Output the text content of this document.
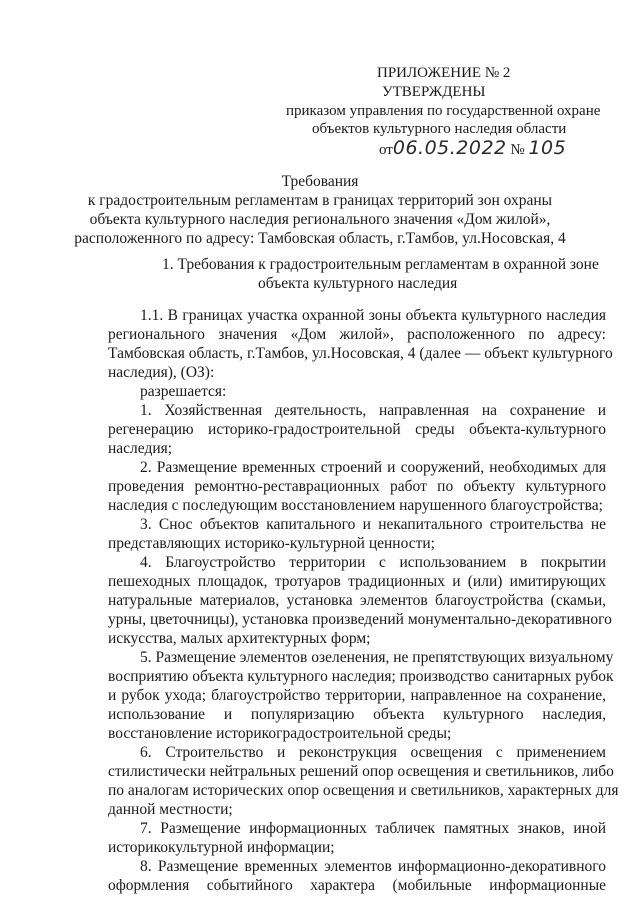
ПРИЛОЖЕНИЕ № 2
УТВЕРЖДЕНЫ
приказом управления по государственной охране
объектов культурного наследия области
от06.05.2022 № 105
Требования
к градостроительным регламентам в границах территорий зон охраны
объекта культурного наследия регионального значения «Дом жилой»,
расположенного по адресу: Тамбовская область, г.Тамбов, ул.Носовская, 4
1. Требования к градостроительным регламентам в охранной зоне
объекта культурного наследия
1.1. В границах участка охранной зоны объекта культурного наследия
регионального значения «Дом жилой», расположенного по адресу:
Тамбовская область, г.Тамбов, ул.Носовская, 4 (далее — объект культурного
наследия), (ОЗ):
разрешается:
1. Хозяйственная деятельность, направленная на сохранение и
регенерацию историко-градостроительной среды объекта-культурного
наследия;
2. Размещение временных строений и сооружений, необходимых для
проведения ремонтно-реставрационных работ по объекту культурного
наследия с последующим восстановлением нарушенного благоустройства;
3. Снос объектов капитального и некапитального строительства не
представляющих историко-культурной ценности;
4. Благоустройство территории с использованием в покрытии
пешеходных площадок, тротуаров традиционных и (или) имитирующих
натуральные материалов, установка элементов благоустройства (скамьи,
урны, цветочницы), установка произведений монументально-декоративного
искусства, малых архитектурных форм;
5. Размещение элементов озеленения, не препятствующих визуальному
восприятию объекта культурного наследия; производство санитарных рубок
и рубок ухода; благоустройство территории, направленное на сохранение,
использование и популяризацию объекта культурного наследия,
восстановление историкоградостроительной среды;
6. Строительство и реконструкция освещения с применением
стилистически нейтральных решений опор освещения и светильников, либо
по аналогам исторических опор освещения и светильников, характерных для
данной местности;
7. Размещение информационных табличек памятных знаков, иной
историкокультурной информации;
8. Размещение временных элементов информационно-декоративного
оформления событийного характера (мобильные информационные
